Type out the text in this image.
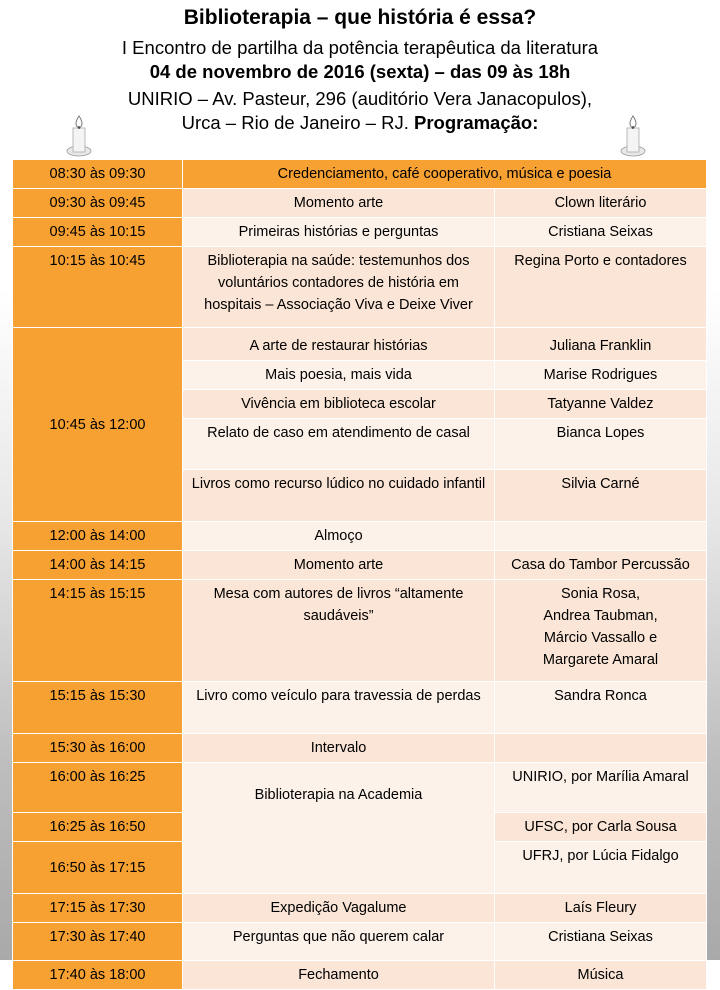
Biblioterapia – que história é essa?
I Encontro de partilha da potência terapêutica da literatura
04 de novembro de 2016 (sexta) – das 09 às 18h
UNIRIO – Av. Pasteur, 296 (auditório Vera Janacopulos),
Urca – Rio de Janeiro – RJ. Programação:
08:30 às 09:30	Credenciamento, café cooperativo, música e poesia	
09:30 às 09:45	Momento arte	Clown literário
09:45 às 10:15	Primeiras histórias e perguntas	Cristiana Seixas
10:15 às 10:45	Biblioterapia na saúde: testemunhos dos voluntários contadores de história em hospitais – Associação Viva e Deixe Viver	Regina Porto e contadores
10:45 às 12:00	A arte de restaurar histórias	Juliana Franklin
	Mais poesia, mais vida	Marise Rodrigues
	Vivência em biblioteca escolar	Tatyanne Valdez
	Relato de caso em atendimento de casal	Bianca Lopes
	Livros como recurso lúdico no cuidado infantil	Silvia Carné
12:00 às 14:00	Almoço	
14:00 às 14:15	Momento arte	Casa do Tambor Percussão
14:15 às 15:15	Mesa com autores de livros “altamente saudáveis”	Sonia Rosa,
Andrea Taubman,
Márcio Vassallo e
Margarete Amaral

15:15 às 15:30	Livro como veículo para travessia de perdas	Sandra Ronca
15:30 às 16:00	Intervalo	
16:00 às 16:25	Biblioterapia na Academia	UNIRIO, por Marília Amaral
16:25 às 16:50		UFSC, por Carla Sousa
16:50 às 17:15		UFRJ, por Lúcia Fidalgo
17:15 às 17:30	Expedição Vagalume	Laís Fleury
17:30 às 17:40	Perguntas que não querem calar	Cristiana Seixas
17:40 às 18:00	Fechamento	Música
